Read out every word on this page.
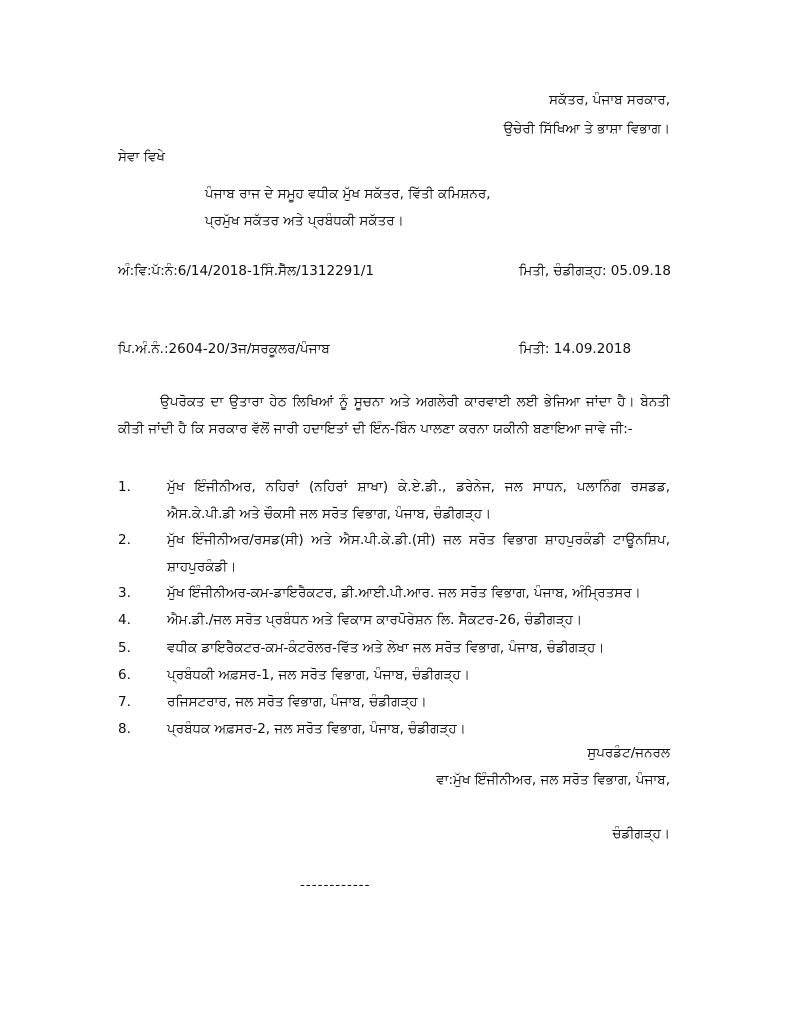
ਸਕੱਤਰ, ਪੰਜਾਬ ਸਰਕਾਰ,
ਉਚੇਰੀ ਸਿੱਖਿਆ ਤੇ ਭਾਸ਼ਾ ਵਿਭਾਗ।
ਸੇਵਾ ਵਿਖੇ
ਪੰਜਾਬ ਰਾਜ ਦੇ ਸਮੂਹ ਵਧੀਕ ਮੁੱਖ ਸਕੱਤਰ, ਵਿੱਤੀ ਕਮਿਸ਼ਨਰ,
ਪ੍ਰਮੁੱਖ ਸਕੱਤਰ ਅਤੇ ਪ੍ਰਬੰਧਕੀ ਸਕੱਤਰ।
ਅੰ:ਵਿ:ਪੱ:ਨੰ:6/14/2018-1ਸਿੰ.ਸੈੱਲ/1312291/1	ਮਿਤੀ, ਚੰਡੀਗੜ੍ਹ: 05.09.18
ਪਿ.ਅੰ.ਨੰ.:2604-20/3ਜ/ਸਰਕੂਲਰ/ਪੰਜਾਬ	ਮਿਤੀ: 14.09.2018
ਉਪਰੋਕਤ ਦਾ ਉਤਾਰਾ ਹੇਠ ਲਿਖਿਆਂ ਨੂੰ ਸੂਚਨਾ ਅਤੇ ਅਗਲੇਰੀ ਕਾਰਵਾਈ ਲਈ ਭੇਜਿਆ ਜਾਂਦਾ ਹੈ। ਬੇਨਤੀ ਕੀਤੀ ਜਾਂਦੀ ਹੈ ਕਿ ਸਰਕਾਰ ਵੱਲੋਂ ਜਾਰੀ ਹਦਾਇਤਾਂ ਦੀ ਇੰਨ-ਬਿੰਨ ਪਾਲਣਾ ਕਰਨਾ ਯਕੀਨੀ ਬਣਾਇਆ ਜਾਵੇ ਜੀ:-
1.	ਮੁੱਖ ਇੰਜੀਨੀਅਰ, ਨਹਿਰਾਂ (ਨਹਿਰਾਂ ਸ਼ਾਖਾ) ਕੇ.ਏ.ਡੀ., ਡਰੇਨੇਜ, ਜਲ ਸਾਧਨ, ਪਲਾਨਿੰਗ ਰਸਡਡ, ਐਸ.ਕੇ.ਪੀ.ਡੀ ਅਤੇ ਚੌਕਸੀ ਜਲ ਸਰੋਤ ਵਿਭਾਗ, ਪੰਜਾਬ, ਚੰਡੀਗੜ੍ਹ।
2.	ਮੁੱਖ ਇੰਜੀਨੀਅਰ/ਰਸਡ(ਸੀ) ਅਤੇ ਐਸ.ਪੀ.ਕੇ.ਡੀ.(ਸੀ) ਜਲ ਸਰੋਤ ਵਿਭਾਗ ਸ਼ਾਹਪੁਰਕੰਡੀ ਟਾਊਨਸ਼ਿਪ, ਸ਼ਾਹਪੁਰਕੰਡੀ।
3.	ਮੁੱਖ ਇੰਜੀਨੀਅਰ-ਕਮ-ਡਾਇਰੈਕਟਰ, ਡੀ.ਆਈ.ਪੀ.ਆਰ. ਜਲ ਸਰੋਤ ਵਿਭਾਗ, ਪੰਜਾਬ, ਅੰਮ੍ਰਿਤਸਰ।
4.	ਐਮ.ਡੀ./ਜਲ ਸਰੋਤ ਪ੍ਰਬੰਧਨ ਅਤੇ ਵਿਕਾਸ ਕਾਰਪੋਰੇਸ਼ਨ ਲਿ. ਸੈਕਟਰ-26, ਚੰਡੀਗੜ੍ਹ।
5.	ਵਧੀਕ ਡਾਇਰੈਕਟਰ-ਕਮ-ਕੰਟਰੋਲਰ-ਵਿੱਤ ਅਤੇ ਲੇਖਾ ਜਲ ਸਰੋਤ ਵਿਭਾਗ, ਪੰਜਾਬ, ਚੰਡੀਗੜ੍ਹ।
6.	ਪ੍ਰਬੰਧਕੀ ਅਫ਼ਸਰ-1, ਜਲ ਸਰੋਤ ਵਿਭਾਗ, ਪੰਜਾਬ, ਚੰਡੀਗੜ੍ਹ।
7.	ਰਜਿਸਟਰਾਰ, ਜਲ ਸਰੋਤ ਵਿਭਾਗ, ਪੰਜਾਬ, ਚੰਡੀਗੜ੍ਹ।
8.	ਪ੍ਰਬੰਧਕ ਅਫ਼ਸਰ-2, ਜਲ ਸਰੋਤ ਵਿਭਾਗ, ਪੰਜਾਬ, ਚੰਡੀਗੜ੍ਹ।
ਸੁਪਰਡੰਟ/ਜਨਰਲ
ਵਾ:ਮੁੱਖ ਇੰਜੀਨੀਅਰ, ਜਲ ਸਰੋਤ ਵਿਭਾਗ, ਪੰਜਾਬ,
ਚੰਡੀਗੜ੍ਹ।
------------
